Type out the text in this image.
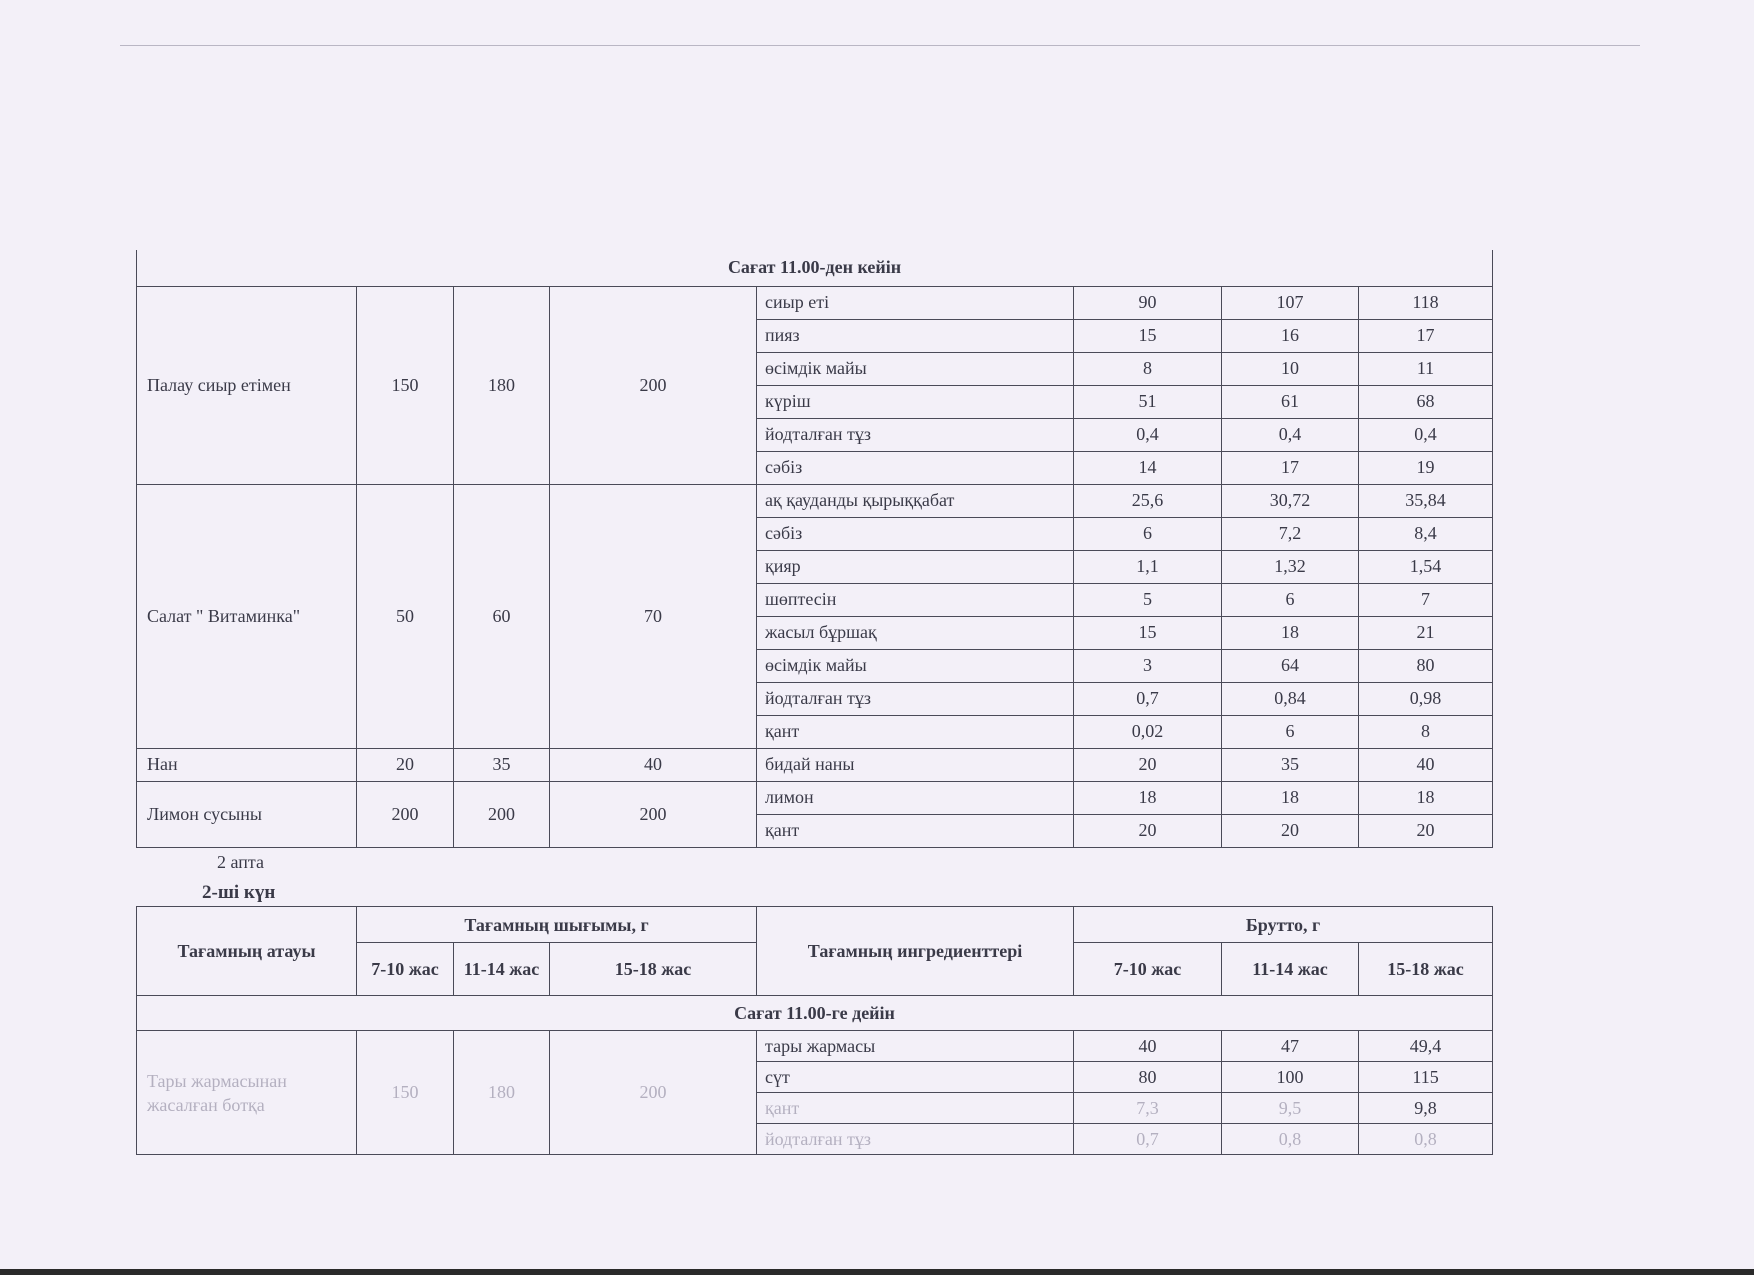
Сағат 11.00-ден кейін							
Палау сиыр етімен	150	180	200	сиыр еті	90	107	118
				пияз	15	16	17
				өсімдік майы	8	10	11
				күріш	51	61	68
				йодталған тұз	0,4	0,4	0,4
				сәбіз	14	17	19
Салат " Витаминка"	50	60	70	ақ қауданды қырыққабат	25,6	30,72	35,84
				сәбіз	6	7,2	8,4
				қияр	1,1	1,32	1,54
				шөптесін	5	6	7
				жасыл бұршақ	15	18	21
				өсімдік майы	3	64	80
				йодталған тұз	0,7	0,84	0,98
				қант	0,02	6	8
Нан	20	35	40	бидай наны	20	35	40
Лимон сусыны	200	200	200	лимон	18	18	18
				қант	20	20	20
2 апта
2-ші күн
Тағамның атауы	Тағамның шығымы, г			Тағамның ингредиенттері	Брутто, г		
	7-10 жас	11-14 жас	15-18 жас		7-10 жас	11-14 жас	15-18 жас
Сағат 11.00-ге дейін							
Тары жармасынан жасалған ботқа	150	180	200	тары жармасы	40	47	49,4
				сүт	80	100	115
				қант	7,3	9,5	9,8
				йодталған тұз	0,7	0,8	0,8
